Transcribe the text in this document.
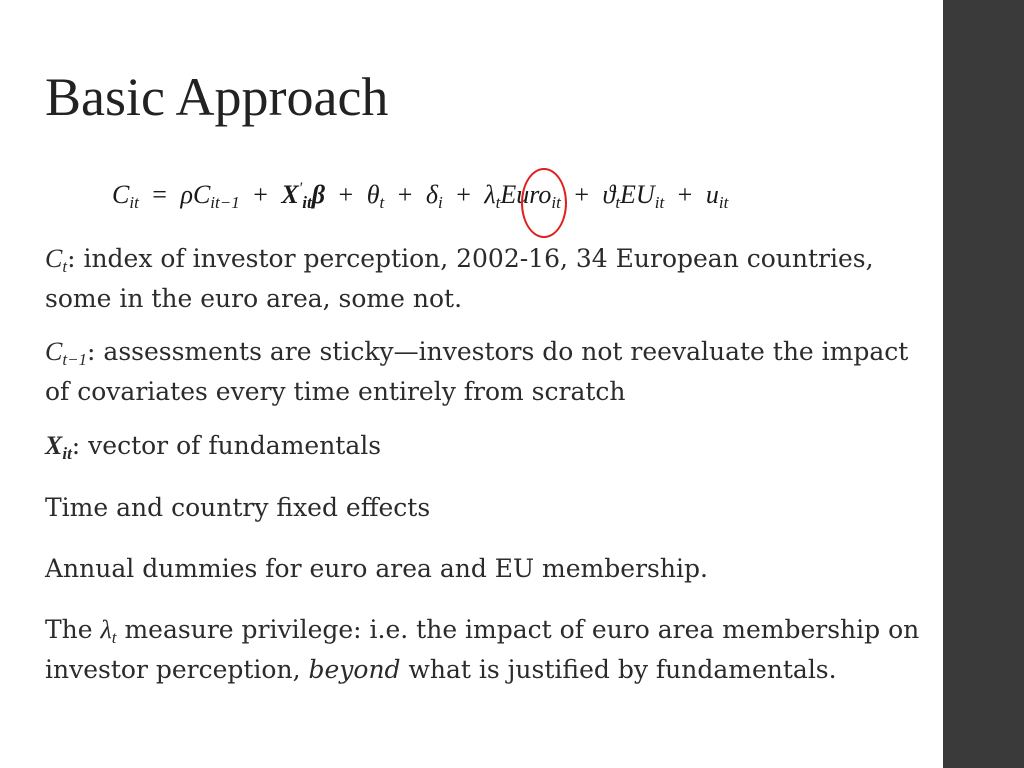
Basic Approach
$C_{it} = \rho C_{it-1} + X'_{it}\beta + \theta_t + \delta_i$ + $\lambda_tEuro_{it} + ϑ_tEU_{it} + u_{it}$
$C_t$: index of investor perception, 2002-16, 34 European countries, some in the euro area, some not.
$C_{t-1}$: assessments are sticky—investors do not reevaluate the impact of covariates every time entirely from scratch
$X_{it}$: vector of fundamentals
Time and country fixed effects
Annual dummies for euro area and EU membership.
The $\lambda_t$ measure privilege: i.e. the impact of euro area membership on investor perception, beyond what is justified by fundamentals.
